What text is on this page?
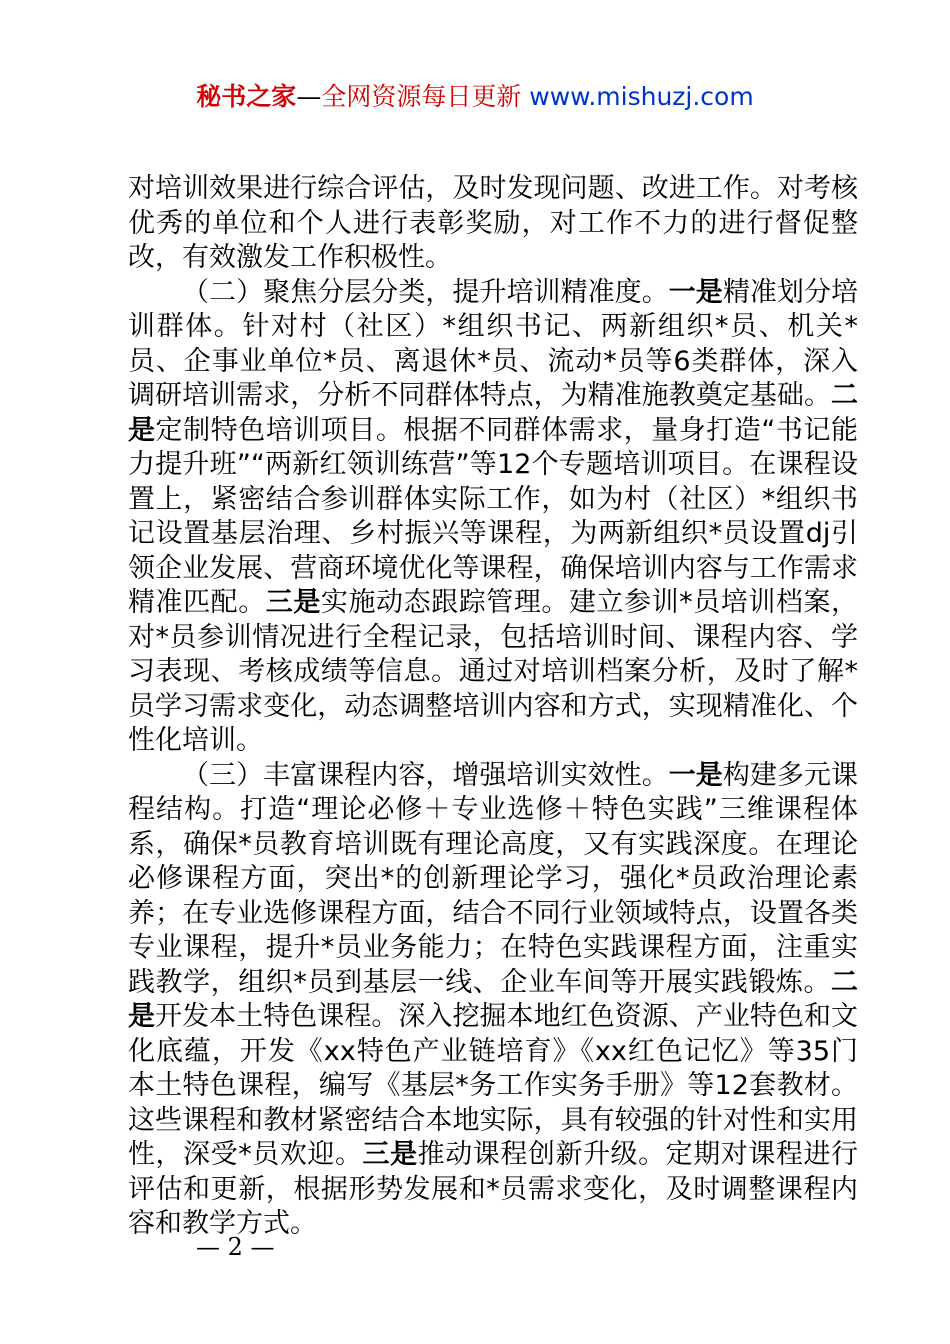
秘书之家—全网资源每日更新 www.mishuzj.com

对培训效果进行综合评估，及时发现问题、改进工作。对考核优秀的单位和个人进行表彰奖励，对工作不力的进行督促整改，有效激发工作积极性。

（二）聚焦分层分类，提升培训精准度。一是精准划分培训群体。针对村（社区）*组织书记、两新组织*员、机关*员、企事业单位*员、离退休*员、流动*员等6类群体，深入调研培训需求，分析不同群体特点，为精准施教奠定基础。二是定制特色培训项目。根据不同群体需求，量身打造“书记能力提升班”“两新红领训练营”等12个专题培训项目。在课程设置上，紧密结合参训群体实际工作，如为村（社区）*组织书记设置基层治理、乡村振兴等课程，为两新组织*员设置dj引领企业发展、营商环境优化等课程，确保培训内容与工作需求精准匹配。三是实施动态跟踪管理。建立参训*员培训档案，对*员参训情况进行全程记录，包括培训时间、课程内容、学习表现、考核成绩等信息。通过对培训档案分析，及时了解*员学习需求变化，动态调整培训内容和方式，实现精准化、个性化培训。

（三）丰富课程内容，增强培训实效性。一是构建多元课程结构。打造“理论必修＋专业选修＋特色实践”三维课程体系，确保*员教育培训既有理论高度，又有实践深度。在理论必修课程方面，突出*的创新理论学习，强化*员政治理论素养；在专业选修课程方面，结合不同行业领域特点，设置各类专业课程，提升*员业务能力；在特色实践课程方面，注重实践教学，组织*员到基层一线、企业车间等开展实践锻炼。二是开发本土特色课程。深入挖掘本地红色资源、产业特色和文化底蕴，开发《xx特色产业链培育》《xx红色记忆》等35门本土特色课程，编写《基层*务工作实务手册》等12套教材。这些课程和教材紧密结合本地实际，具有较强的针对性和实用性，深受*员欢迎。三是推动课程创新升级。定期对课程进行评估和更新，根据形势发展和*员需求变化，及时调整课程内容和教学方式。

— 2 —
